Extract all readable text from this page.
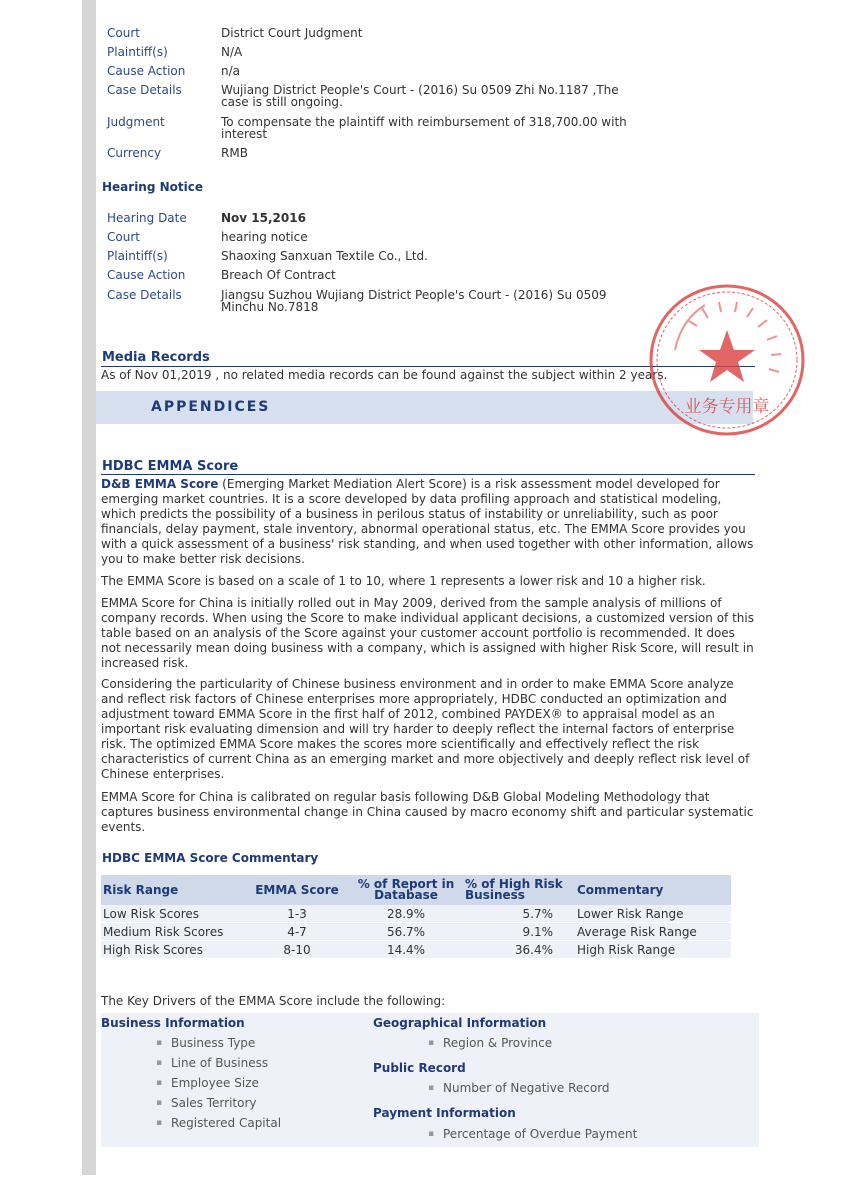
Court	District Court Judgment
Plaintiff(s)	N/A
Cause Action	n/a
Case Details	Wujiang District People's Court - (2016) Su 0509 Zhi No.1187 ,The case is still ongoing.
Judgment	To compensate the plaintiff with reimbursement of 318,700.00 with interest
Currency	RMB
Hearing Notice
Hearing Date	Nov 15,2016
Court	hearing notice
Plaintiff(s)	Shaoxing Sanxuan Textile Co., Ltd.
Cause Action	Breach Of Contract
Case Details	Jiangsu Suzhou Wujiang District People's Court - (2016) Su 0509 Minchu No.7818
Media Records
As of Nov 01,2019 , no related media records can be found against the subject within 2 years.
APPENDICES
HDBC EMMA Score

D&B EMMA Score (Emerging Market Mediation Alert Score) is a risk assessment model developed for emerging market countries. It is a score developed by data profiling approach and statistical modeling, which predicts the possibility of a business in perilous status of instability or unreliability, such as poor financials, delay payment, stale inventory, abnormal operational status, etc. The EMMA Score provides you with a quick assessment of a business' risk standing, and when used together with other information, allows you to make better risk decisions.

The EMMA Score is based on a scale of 1 to 10, where 1 represents a lower risk and 10 a higher risk.
EMMA Score for China is initially rolled out in May 2009, derived from the sample analysis of millions of company records. When using the Score to make individual applicant decisions, a customized version of this table based on an analysis of the Score against your customer account portfolio is recommended. It does not necessarily mean doing business with a company, which is assigned with higher Risk Score, will result in increased risk.
Considering the particularity of Chinese business environment and in order to make EMMA Score analyze and reflect risk factors of Chinese enterprises more appropriately, HDBC conducted an optimization and adjustment toward EMMA Score in the first half of 2012, combined PAYDEX® to appraisal model as an important risk evaluating dimension and will try harder to deeply reflect the internal factors of enterprise risk. The optimized EMMA Score makes the scores more scientifically and effectively reflect the risk characteristics of current China as an emerging market and more objectively and deeply reflect risk level of Chinese enterprises.
EMMA Score for China is calibrated on regular basis following D&B Global Modeling Methodology that captures business environmental change in China caused by macro economy shift and particular systematic events.
HDBC EMMA Score Commentary
Risk Range	EMMA Score	% of Report in Database	% of High Risk Business	Commentary
Low Risk Scores	1-3	28.9%	5.7%	Lower Risk Range
Medium Risk Scores	4-7	56.7%	9.1%	Average Risk Range
High Risk Scores	8-10	14.4%	36.4%	High Risk Range
The Key Drivers of the EMMA Score include the following:
Business Information
▪ Business Type
▪ Line of Business
▪ Employee Size
▪ Sales Territory
▪ Registered Capital
Geographical Information
▪ Region & Province
Public Record
▪ Number of Negative Record
Payment Information
▪ Percentage of Overdue Payment
业务专用章
